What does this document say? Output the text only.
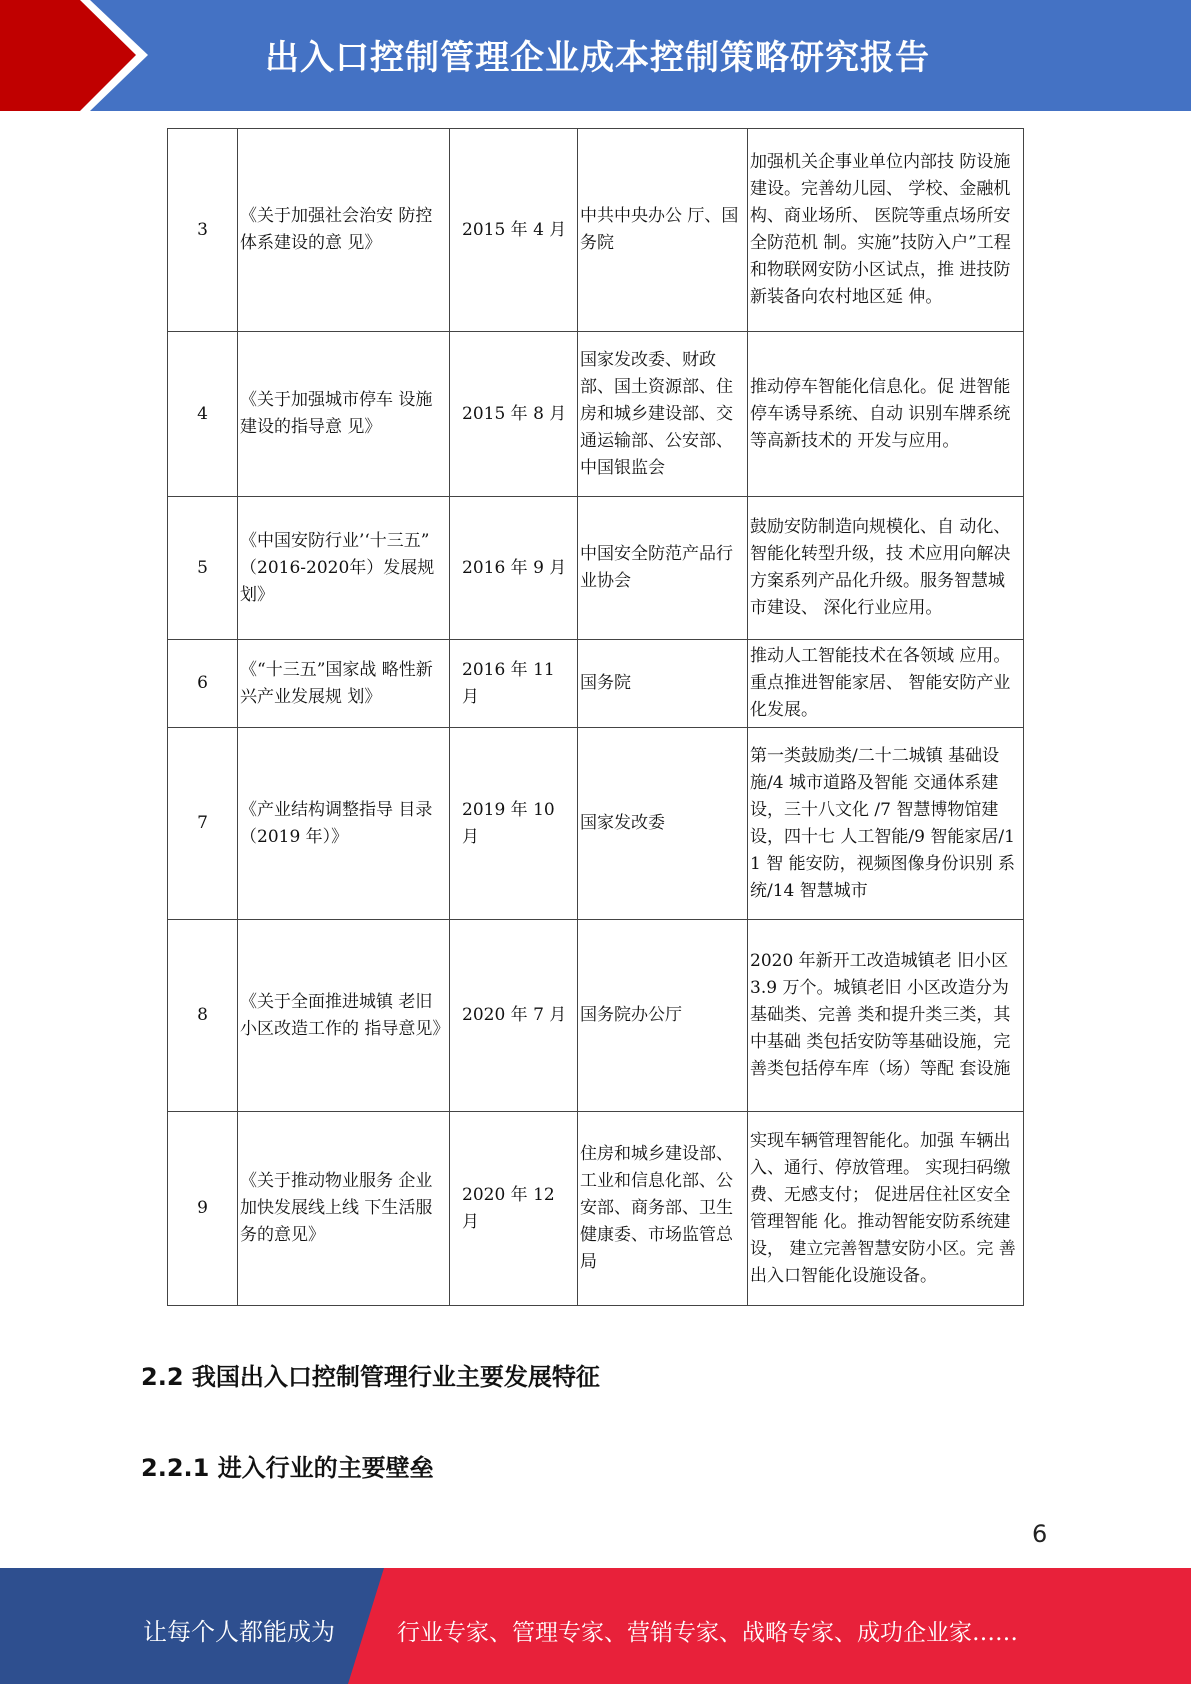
出入口控制管理企业成本控制策略研究报告
3	《关于加强社会治安 防控体系建设的意 见》	2015 年 4 月	中共中央办公 厅、国务院	加强机关企事业单位内部技 防设施建设。完善幼儿园、 学校、金融机构、商业场所、 医院等重点场所安全防范机 制。实施”技防入户”工程 和物联网安防小区试点，推 进技防新装备向农村地区延 伸。
4	《关于加强城市停车 设施建设的指导意 见》	2015 年 8 月	国家发改委、财政部、国土资源部、住房和城乡建设部、交通运输部、公安部、中国银监会	推动停车智能化信息化。促 进智能停车诱导系统、自动 识别车牌系统等高新技术的 开发与应用。
5	《中国安防行业’‘十三五” （2016-2020年）发展规划》	2016 年 9 月	中国安全防范产品行业协会	鼓励安防制造向规模化、自 动化、智能化转型升级，技 术应用向解决方案系列产品化升级。服务智慧城市建设、 深化行业应用。
6	《“十三五”国家战 略性新兴产业发展规 划》	2016 年 11 月	国务院	推动人工智能技术在各领域 应用。重点推进智能家居、 智能安防产业化发展。
7	《产业结构调整指导 目录（2019 年）》	2019 年 10 月	国家发改委	第一类鼓励类/二十二城镇 基础设施/4 城市道路及智能 交通体系建设，三十八文化 /7 智慧博物馆建设，四十七 人工智能/9 智能家居/11 智 能安防，视频图像身份识别 系统/14 智慧城市
8	《关于全面推进城镇 老旧小区改造工作的 指导意见》	2020 年 7 月	国务院办公厅	2020 年新开工改造城镇老 旧小区 3.9 万个。城镇老旧 小区改造分为基础类、完善 类和提升类三类，其中基础 类包括安防等基础设施，完 善类包括停车库（场）等配 套设施
9	《关于推动物业服务 企业加快发展线上线 下生活服务的意见》	2020 年 12 月	住房和城乡建设部、工业和信息化部、公安部、商务部、卫生健康委、市场监管总局	实现车辆管理智能化。加强 车辆出入、通行、停放管理。 实现扫码缴费、无感支付； 促进居住社区安全管理智能 化。推动智能安防系统建设， 建立完善智慧安防小区。完 善出入口智能化设施设备。
2.2 我国出入口控制管理行业主要发展特征
2.2.1 进入行业的主要壁垒
6
让每个人都能成为	行业专家、管理专家、营销专家、战略专家、成功企业家……
